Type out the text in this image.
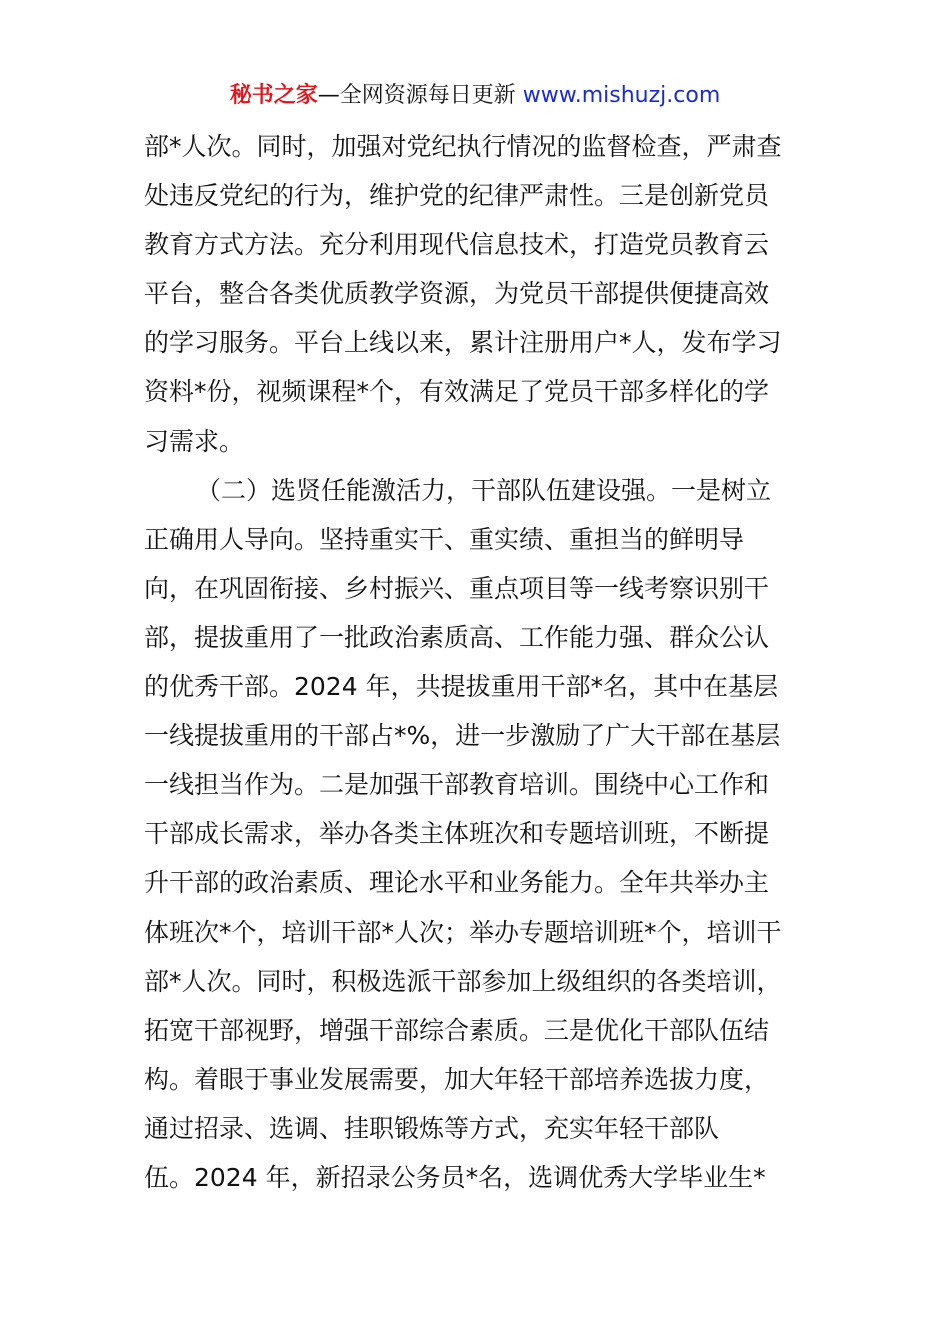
秘书之家—全网资源每日更新 www.mishuzj.com
部*人次。同时，加强对党纪执行情况的监督检查，严肃查
处违反党纪的行为，维护党的纪律严肃性。三是创新党员
教育方式方法。充分利用现代信息技术，打造党员教育云
平台，整合各类优质教学资源，为党员干部提供便捷高效
的学习服务。平台上线以来，累计注册用户*人，发布学习
资料*份，视频课程*个，有效满足了党员干部多样化的学
习需求。
（二）选贤任能激活力，干部队伍建设强。一是树立
正确用人导向。坚持重实干、重实绩、重担当的鲜明导
向，在巩固衔接、乡村振兴、重点项目等一线考察识别干
部，提拔重用了一批政治素质高、工作能力强、群众公认
的优秀干部。2024 年，共提拔重用干部*名，其中在基层
一线提拔重用的干部占*%，进一步激励了广大干部在基层
一线担当作为。二是加强干部教育培训。围绕中心工作和
干部成长需求，举办各类主体班次和专题培训班，不断提
升干部的政治素质、理论水平和业务能力。全年共举办主
体班次*个，培训干部*人次；举办专题培训班*个，培训干
部*人次。同时，积极选派干部参加上级组织的各类培训，
拓宽干部视野，增强干部综合素质。三是优化干部队伍结
构。着眼于事业发展需要，加大年轻干部培养选拔力度，
通过招录、选调、挂职锻炼等方式，充实年轻干部队
伍。2024 年，新招录公务员*名，选调优秀大学毕业生*
